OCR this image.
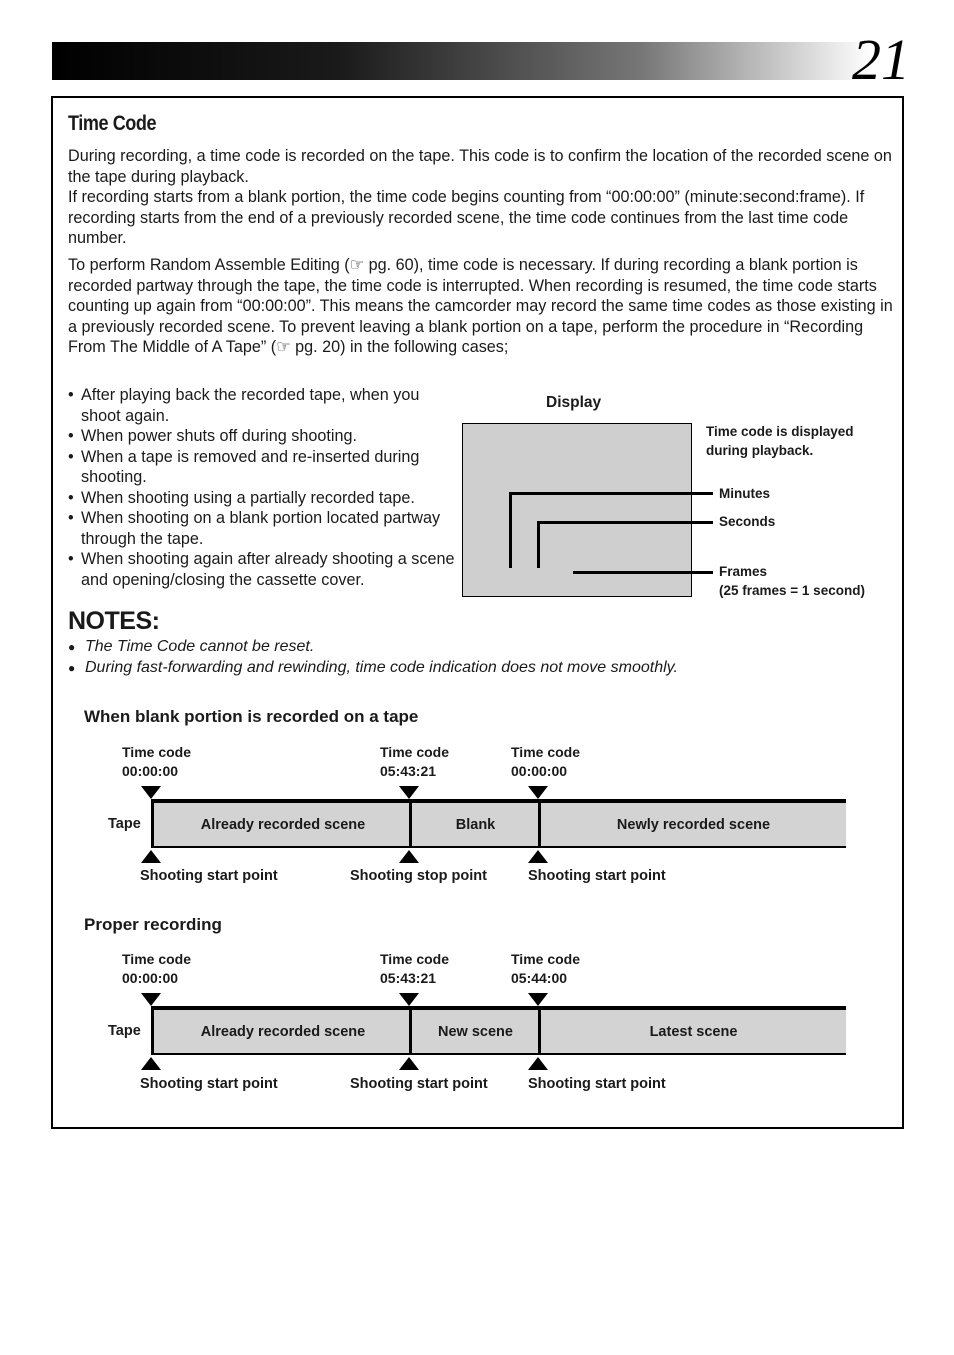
21
Time Code
During recording, a time code is recorded on the tape. This code is to confirm the location of the recorded scene on the tape during playback.
If recording starts from a blank portion, the time code begins counting from “00:00:00” (minute:second:frame). If recording starts from the end of a previously recorded scene, the time code continues from the last time code number.
To perform Random Assemble Editing (☞ pg. 60), time code is necessary. If during recording a blank portion is recorded partway through the tape, the time code is interrupted. When recording is resumed, the time code starts counting up again from “00:00:00”. This means the camcorder may record the same time codes as those existing in a previously recorded scene. To prevent leaving a blank portion on a tape, perform the procedure in “Recording From The Middle of A Tape” (☞ pg. 20) in the following cases;
• After playing back the recorded tape, when you shoot again.
• When power shuts off during shooting.
• When a tape is removed and re-inserted during shooting.
• When shooting using a partially recorded tape.
• When shooting on a blank portion located partway through the tape.
• When shooting again after already shooting a scene and opening/closing the cassette cover.
Display
Time code is displayed
during playback.
Minutes
Seconds
Frames
(25 frames = 1 second)
NOTES:
● The Time Code cannot be reset.
● During fast-forwarding and rewinding, time code indication does not move smoothly.
When blank portion is recorded on a tape
Time code
00:00:00
Time code
05:43:21
Time code
00:00:00
Tape	Already recorded scene	Blank	Newly recorded scene
Shooting start point	Shooting stop point	Shooting start point
Proper recording
Time code
00:00:00
Time code
05:43:21
Time code
05:44:00
Tape	Already recorded scene	New scene	Latest scene
Shooting start point	Shooting start point	Shooting start point
